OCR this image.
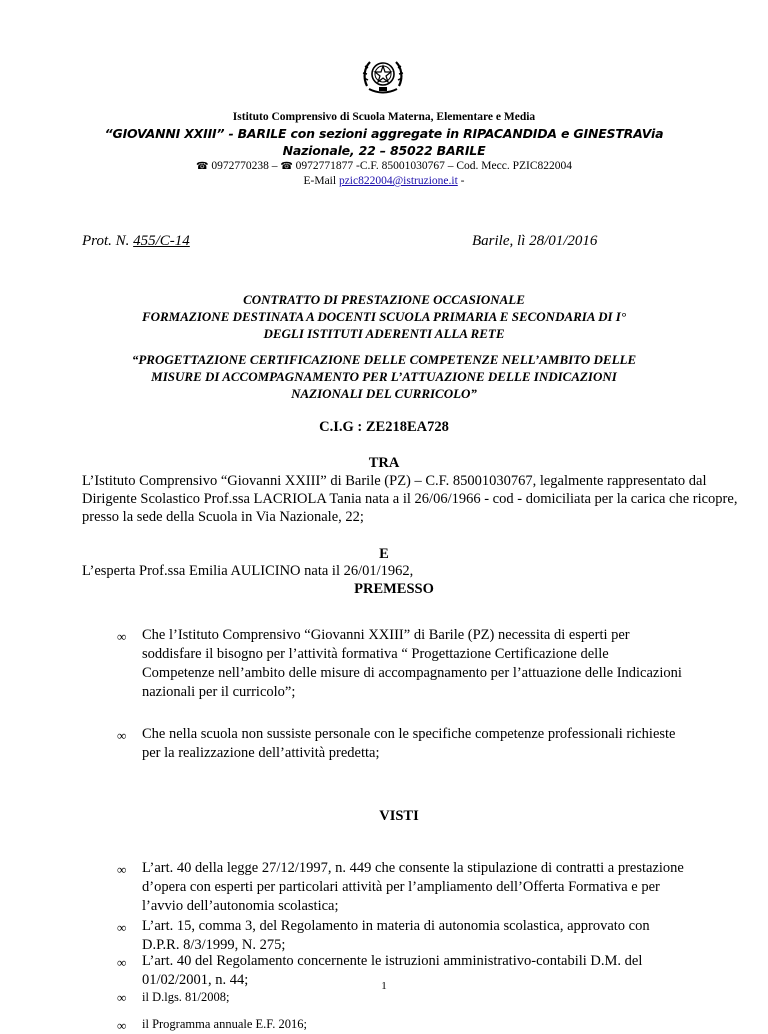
Istituto Comprensivo di Scuola Materna, Elementare e Media
“GIOVANNI XXIII” - BARILE con sezioni aggregate in RIPACANDIDA e GINESTRAVia
Nazionale, 22 – 85022 BARILE
☎ 0972770238 – ☎ 0972771877 -C.F. 85001030767 – Cod. Mecc. PZIC822004
E-Mail pzic822004@istruzione.it -
Prot. N. 455/C-14	Barile, lì 28/01/2016
CONTRATTO DI PRESTAZIONE OCCASIONALE
FORMAZIONE DESTINATA A DOCENTI SCUOLA PRIMARIA E SECONDARIA DI I°
DEGLI ISTITUTI ADERENTI ALLA RETE
“PROGETTAZIONE CERTIFICAZIONE DELLE COMPETENZE NELL’AMBITO DELLE
MISURE DI ACCOMPAGNAMENTO PER L’ATTUAZIONE DELLE INDICAZIONI
NAZIONALI DEL CURRICOLO”
C.I.G : ZE218EA728
TRA
L’Istituto Comprensivo “Giovanni XXIII” di Barile (PZ) – C.F. 85001030767, legalmente rappresentato dal Dirigente Scolastico Prof.ssa LACRIOLA Tania nata a il 26/06/1966 - cod - domiciliata per la carica che ricopre, presso la sede della Scuola in Via Nazionale, 22;
E
L’esperta Prof.ssa Emilia AULICINO nata il 26/01/1962,
PREMESSO
∞ Che l’Istituto Comprensivo “Giovanni XXIII” di Barile (PZ) necessita di esperti per soddisfare il bisogno per l’attività formativa “ Progettazione Certificazione delle Competenze nell’ambito delle misure di accompagnamento per l’attuazione delle Indicazioni nazionali per il curricolo”;
∞ Che nella scuola non sussiste personale con le specifiche competenze professionali richieste per la realizzazione dell’attività predetta;
VISTI
∞ L’art. 40 della legge 27/12/1997, n. 449 che consente la stipulazione di contratti a prestazione d’opera con esperti per particolari attività per l’ampliamento dell’Offerta Formativa e per l’avvio dell’autonomia scolastica;
∞ L’art. 15, comma 3, del Regolamento in materia di autonomia scolastica, approvato con D.P.R. 8/3/1999, N. 275;
∞ L’art. 40 del Regolamento concernente le istruzioni amministrativo-contabili D.M. del 01/02/2001, n. 44;
∞ il D.lgs. 81/2008;
∞ il Programma annuale E.F. 2016;
1
